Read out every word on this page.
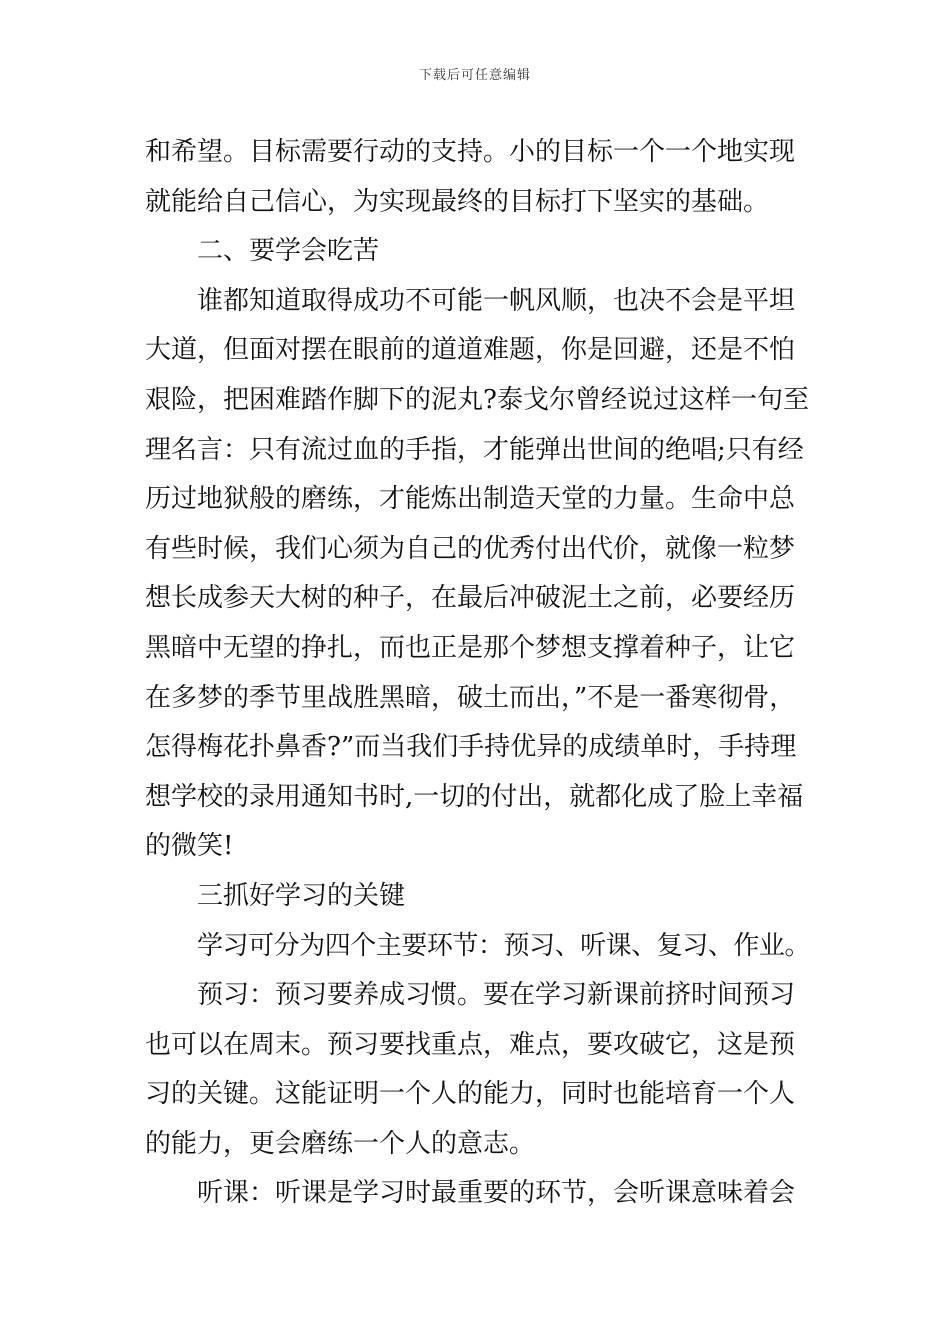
下载后可任意编辑
和希望。目标需要行动的支持。小的目标一个一个地实现
就能给自己信心，为实现最终的目标打下坚实的基础。
二、要学会吃苦
谁都知道取得成功不可能一帆风顺，也决不会是平坦
大道，但面对摆在眼前的道道难题，你是回避，还是不怕
艰险，把困难踏作脚下的泥丸?泰戈尔曾经说过这样一句至
理名言：只有流过血的手指，才能弹出世间的绝唱;只有经
历过地狱般的磨练，才能炼出制造天堂的力量。生命中总
有些时候，我们心须为自己的优秀付出代价，就像一粒梦
想长成参天大树的种子，在最后冲破泥土之前，必要经历
黑暗中无望的挣扎，而也正是那个梦想支撑着种子，让它
在多梦的季节里战胜黑暗，破土而出，”不是一番寒彻骨，
怎得梅花扑鼻香?”而当我们手持优异的成绩单时，手持理
想学校的录用通知书时,一切的付出，就都化成了脸上幸福
的微笑!
三抓好学习的关键
学习可分为四个主要环节：预习、听课、复习、作业。
预习：预习要养成习惯。要在学习新课前挤时间预习
也可以在周末。预习要找重点，难点，要攻破它，这是预
习的关键。这能证明一个人的能力，同时也能培育一个人
的能力，更会磨练一个人的意志。
听课：听课是学习时最重要的环节，会听课意味着会
